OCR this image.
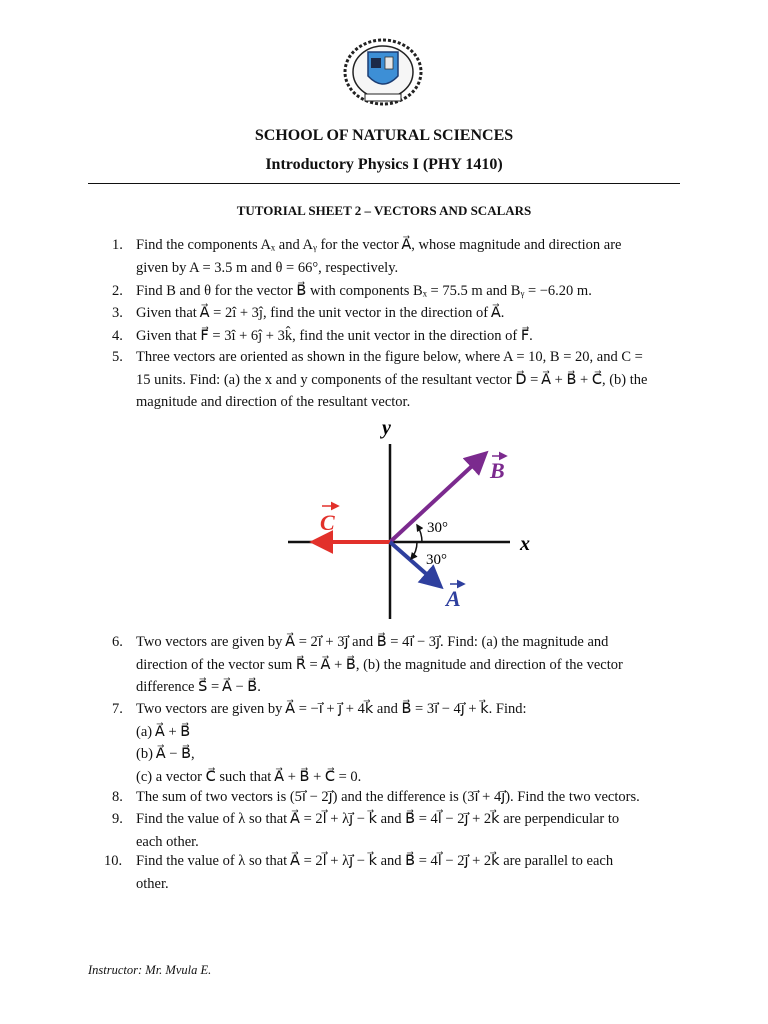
SCHOOL OF NATURAL SCIENCES
Introductory Physics I (PHY 1410)
TUTORIAL SHEET 2 – VECTORS AND SCALARS
1. Find the components Aₓ and Aᵧ for the vector A⃗, whose magnitude and direction are
given by A = 3.5 m and θ = 66°, respectively.
2. Find B and θ for the vector B⃗ with components Bₓ = 75.5 m and Bᵧ = −6.20 m.
3. Given that A⃗ = 2î + 3ĵ, find the unit vector in the direction of A⃗.
4. Given that F⃗ = 3î + 6ĵ + 3k̂, find the unit vector in the direction of F⃗.
5. Three vectors are oriented as shown in the figure below, where A = 10, B = 20, and C =
15 units. Find: (a) the x and y components of the resultant vector D⃗ = A⃗ + B⃗ + C⃗, (b) the
magnitude and direction of the resultant vector.
y
x
B
C
A
30°
30°
6. Two vectors are given by A⃗ = 2i⃗ + 3j⃗ and B⃗ = 4i⃗ − 3j⃗. Find: (a) the magnitude and
direction of the vector sum R⃗ = A⃗ + B⃗, (b) the magnitude and direction of the vector
difference S⃗ = A⃗ − B⃗.
7. Two vectors are given by A⃗ = −i⃗ + j⃗ + 4k⃗ and B⃗ = 3i⃗ − 4j⃗ + k⃗. Find:
(a) A⃗ + B⃗
(b) A⃗ − B⃗,
(c) a vector C⃗ such that A⃗ + B⃗ + C⃗ = 0.
8. The sum of two vectors is (5i⃗ − 2j⃗) and the difference is (3i⃗ + 4j⃗). Find the two vectors.
9. Find the value of λ so that A⃗ = 2l⃗ + λj⃗ − k⃗ and B⃗ = 4l⃗ − 2j⃗ + 2k⃗ are perpendicular to
each other.
10. Find the value of λ so that A⃗ = 2l⃗ + λj⃗ − k⃗ and B⃗ = 4l⃗ − 2j⃗ + 2k⃗ are parallel to each
other.
Instructor: Mr. Mvula E.
